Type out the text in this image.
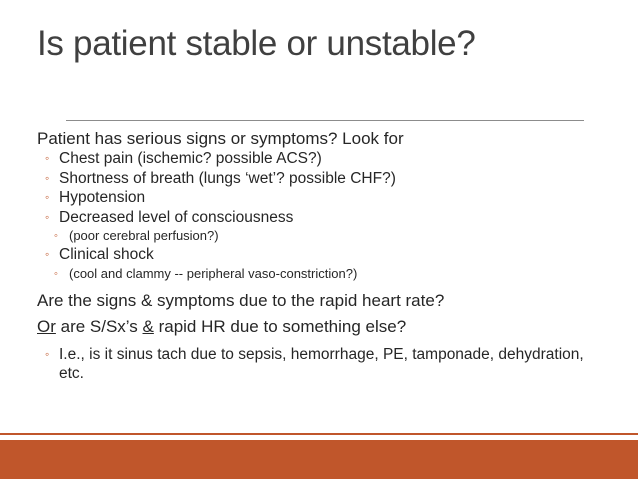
Is patient stable or unstable?
Patient has serious signs or symptoms? Look for
◦ Chest pain (ischemic? possible ACS?)
◦ Shortness of breath (lungs ‘wet’? possible CHF?)
◦ Hypotension
◦ Decreased level of consciousness
◦ (poor cerebral perfusion?)
◦ Clinical shock
◦ (cool and clammy -- peripheral vaso-constriction?)
Are the signs & symptoms due to the rapid heart rate?
Or are S/Sx’s & rapid HR due to something else?
◦ I.e., is it sinus tach due to sepsis, hemorrhage, PE, tamponade, dehydration, etc.
